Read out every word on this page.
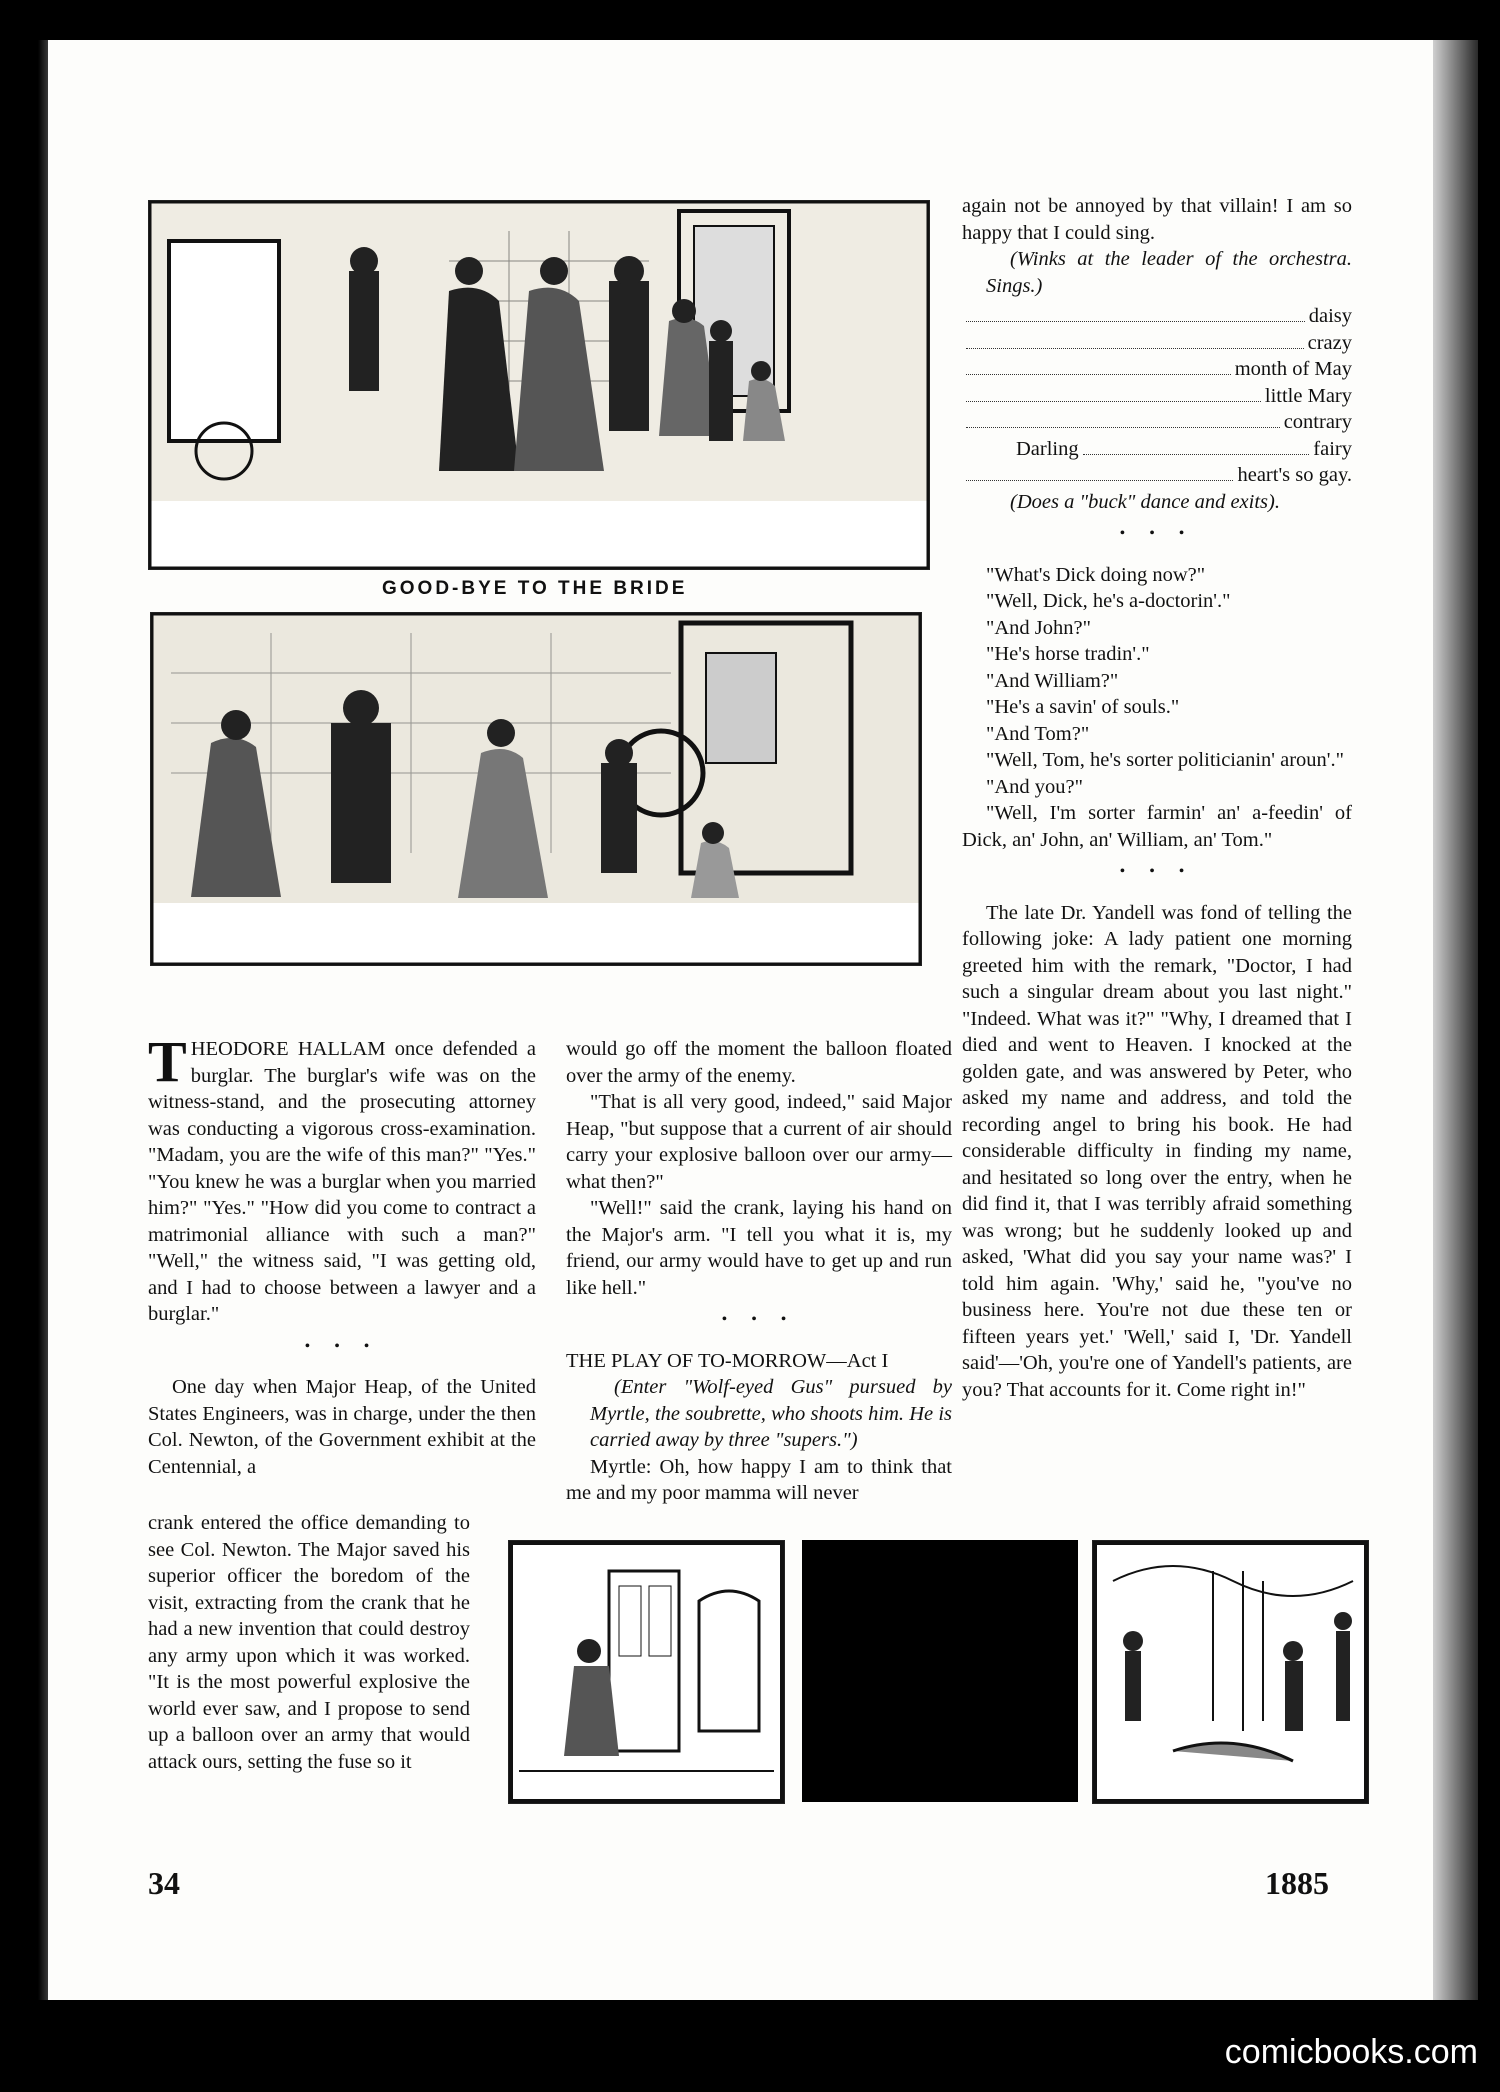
GOOD-BYE TO THE BRIDE

again not be annoyed by that villain! I am so happy that I could sing.

(Winks at the leader of the orchestra. Sings.)

daisy
crazy
month of May
little Mary
contrary
Darling	fairy
heart's so gay.

(Does a "buck" dance and exits).

• • •

"What's Dick doing now?"

"Well, Dick, he's a-doctorin'."

"And John?"

"He's horse tradin'."

"And William?"

"He's a savin' of souls."

"And Tom?"

"Well, Tom, he's sorter politicianin' aroun'."

"And you?"

"Well, I'm sorter farmin' an' a-feedin' of Dick, an' John, an' William, an' Tom."

• • •

The late Dr. Yandell was fond of telling the following joke: A lady patient one morning greeted him with the remark, "Doctor, I had such a singular dream about you last night." "Indeed. What was it?" "Why, I dreamed that I died and went to Heaven. I knocked at the golden gate, and was answered by Peter, who asked my name and address, and told the recording angel to bring his book. He had considerable difficulty in finding my name, and hesitated so long over the entry, when he did find it, that I was terribly afraid something was wrong; but he suddenly looked up and asked, 'What did you say your name was?' I told him again. 'Why,' said he, "you've no business here. You're not due these ten or fifteen years yet.' 'Well,' said I, 'Dr. Yandell said'—'Oh, you're one of Yandell's patients, are you? That accounts for it. Come right in!"

THEODORE HALLAM once defended a burglar. The burglar's wife was on the witness-stand, and the prosecuting attorney was conducting a vigorous cross-examination. "Madam, you are the wife of this man?" "Yes." "You knew he was a burglar when you married him?" "Yes." "How did you come to contract a matrimonial alliance with such a man?" "Well," the witness said, "I was getting old, and I had to choose between a lawyer and a burglar."

• • •

One day when Major Heap, of the United States Engineers, was in charge, under the then Col. Newton, of the Government exhibit at the Centennial, a

crank entered the office demanding to see Col. Newton. The Major saved his superior officer the boredom of the visit, extracting from the crank that he had a new invention that could destroy any army upon which it was worked. "It is the most powerful explosive the world ever saw, and I propose to send up a balloon over an army that would attack ours, setting the fuse so it

would go off the moment the balloon floated over the army of the enemy.

"That is all very good, indeed," said Major Heap, "but suppose that a current of air should carry your explosive balloon over our army—what then?"

"Well!" said the crank, laying his hand on the Major's arm. "I tell you what it is, my friend, our army would have to get up and run like hell."

• • •

THE PLAY OF TO-MORROW—Act I

(Enter "Wolf-eyed Gus" pursued by Myrtle, the soubrette, who shoots him. He is carried away by three "supers.")

Myrtle: Oh, how happy I am to think that me and my poor mamma will never

34	1885
comicbooks.com
